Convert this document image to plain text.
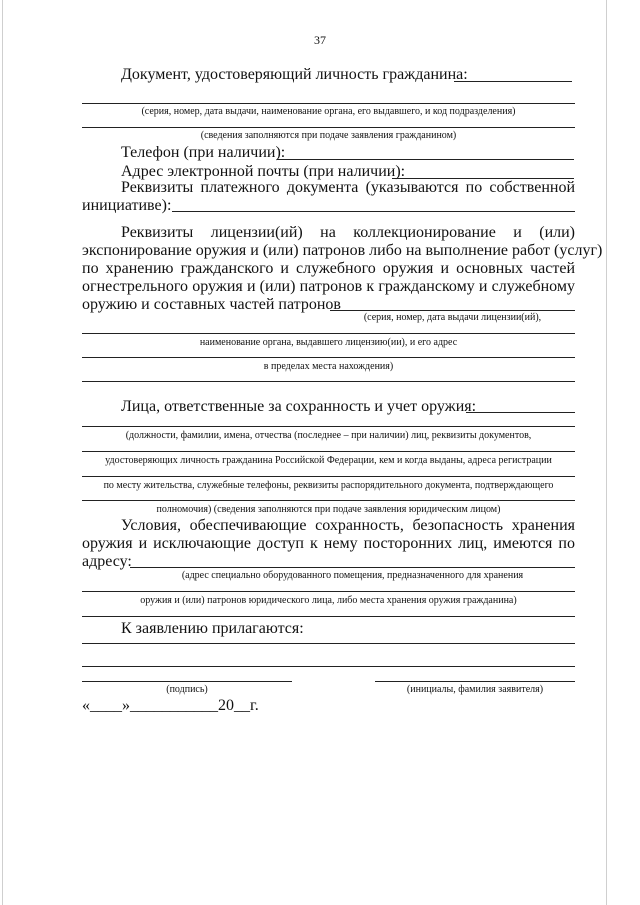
37
Документ, удостоверяющий личность гражданина:
(серия, номер, дата выдачи, наименование органа, его выдавшего, и код подразделения)
(сведения заполняются при подаче заявления гражданином)
Телефон (при наличии):
Адрес электронной почты (при наличии):
Реквизиты платежного документа (указываются по собственной
инициативе):
Реквизиты лицензии(ий) на коллекционирование и (или)
экспонирование оружия и (или) патронов либо на выполнение работ (услуг)
по хранению гражданского и служебного оружия и основных частей
огнестрельного оружия и (или) патронов к гражданскому и служебному
оружию и составных частей патронов
(серия, номер, дата выдачи лицензии(ий),
наименование органа, выдавшего лицензию(ии), и его адрес
в пределах места нахождения)
Лица, ответственные за сохранность и учет оружия:
(должности, фамилии, имена, отчества (последнее – при наличии) лиц, реквизиты документов,
удостоверяющих личность гражданина Российской Федерации, кем и когда выданы, адреса регистрации
по месту жительства, служебные телефоны, реквизиты распорядительного документа, подтверждающего
полномочия) (сведения заполняются при подаче заявления юридическим лицом)
Условия, обеспечивающие сохранность, безопасность хранения
оружия и исключающие доступ к нему посторонних лиц, имеются по
адресу:
(адрес специально оборудованного помещения, предназначенного для хранения
оружия и (или) патронов юридического лица, либо места хранения оружия гражданина)
К заявлению прилагаются:
(подпись)	(инициалы, фамилия заявителя)
«____»___________20__г.
